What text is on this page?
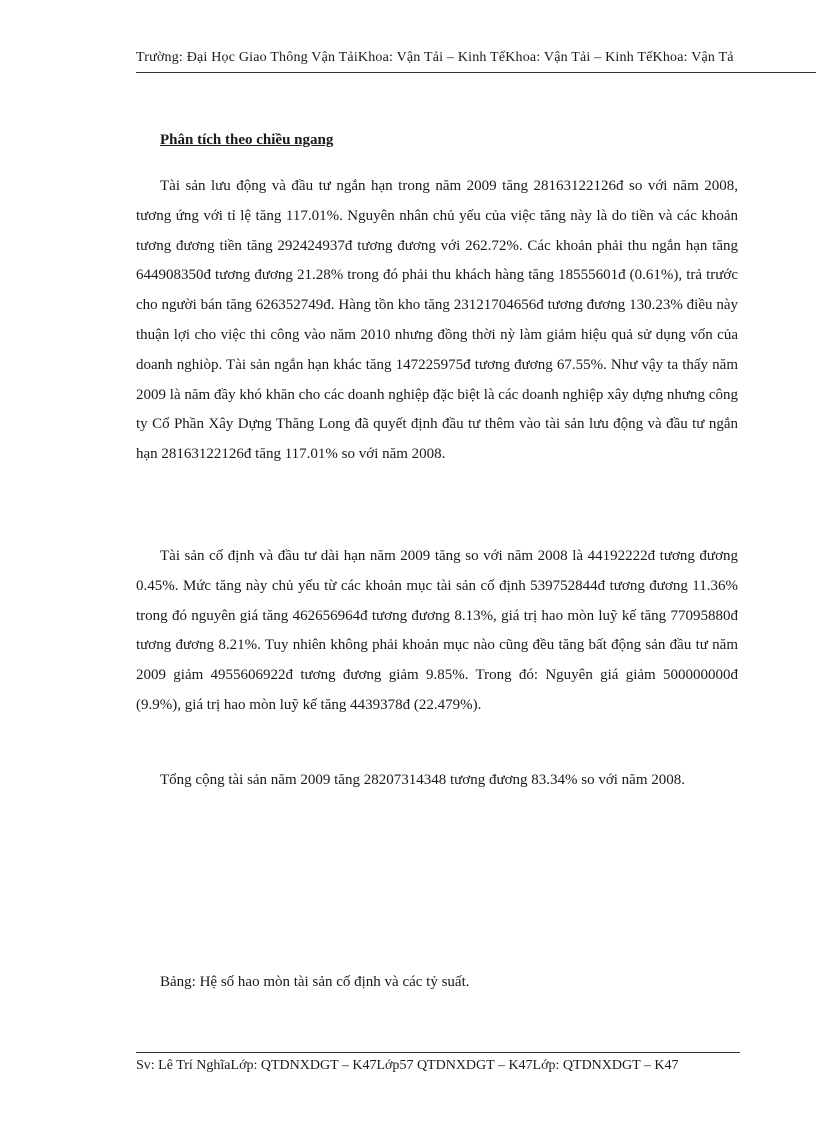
Trường: Đại Học Giao Thông Vận TảiKhoa: Vận Tải – Kinh TếKhoa: Vận Tải – Kinh TếKhoa: Vận Tả
Phân tích theo chiều ngang

Tài sản lưu động và đầu tư ngắn hạn trong năm 2009 tăng 28163122126đ so với năm 2008, tương ứng với tỉ lệ tăng 117.01%. Nguyên nhân chủ yếu của việc tăng này là do tiền và các khoản tương đương tiền tăng 292424937đ tương đương với 262.72%. Các khoản phải thu ngắn hạn tăng 644908350đ tương đương 21.28% trong đó phải thu khách hàng tăng 18555601đ (0.61%), trả trước cho người bán tăng 626352749đ. Hàng tồn kho tăng 23121704656đ tương đương 130.23% điều này thuận lợi cho việc thi công vào năm 2010 nhưng đồng thời nỳ làm giảm hiệu quả sử dụng vốn của doanh nghiòp. Tài sản ngắn hạn khác tăng 147225975đ tương đương 67.55%. Như vậy ta thấy năm 2009 là năm đầy khó khăn cho các doanh nghiệp đặc biệt là các doanh nghiệp xây dựng nhưng công ty Cổ Phần Xây Dựng Thăng Long đã quyết định đầu tư thêm vào tài sản lưu động và đầu tư ngắn hạn 28163122126đ tăng 117.01% so với năm 2008.

Tài sản cố định và đầu tư dài hạn năm 2009 tăng so với năm 2008 là 44192222đ tương đương 0.45%. Mức tăng này chủ yếu từ các khoản mục tài sản cố định 539752844đ tương đương 11.36% trong đó nguyên giá tăng 462656964đ tương đương 8.13%, giá trị hao mòn luỹ kế tăng 77095880đ tương đương 8.21%. Tuy nhiên không phải khoản mục nào cũng đều tăng bất động sản đầu tư năm 2009 giảm 4955606922đ tương đương giảm 9.85%. Trong đó: Nguyên giá giảm 500000000đ (9.9%), giá trị hao mòn luỹ kế tăng 4439378đ (22.479%).

Tổng cộng tài sản năm 2009 tăng 28207314348 tương đương 83.34% so với năm 2008.

Bảng: Hệ số hao mòn tài sản cố định và các tỷ suất.

Sv: Lê Trí NghĩaLớp: QTDNXDGT – K47Lớp57 QTDNXDGT – K47Lớp: QTDNXDGT – K47
